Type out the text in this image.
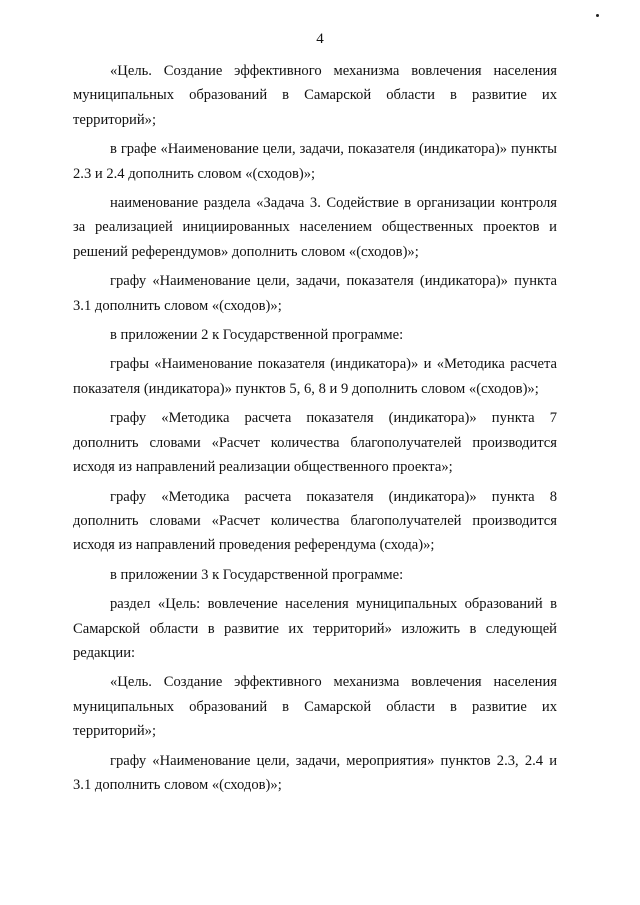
4

«Цель. Создание эффективного механизма вовлечения населения муниципальных образований в Самарской области в развитие их территорий»;

в графе «Наименование цели, задачи, показателя (индикатора)» пункты 2.3 и 2.4 дополнить словом «(сходов)»;

наименование раздела «Задача 3. Содействие в организации контроля за реализацией инициированных населением общественных проектов и решений референдумов» дополнить словом «(сходов)»;

графу «Наименование цели, задачи, показателя (индикатора)» пункта 3.1 дополнить словом «(сходов)»;

в приложении 2 к Государственной программе:

графы «Наименование показателя (индикатора)» и «Методика расчета показателя (индикатора)» пунктов 5, 6, 8 и 9 дополнить словом «(сходов)»;

графу «Методика расчета показателя (индикатора)» пункта 7 дополнить словами «Расчет количества благополучателей производится исходя из направлений реализации общественного проекта»;

графу «Методика расчета показателя (индикатора)» пункта 8 дополнить словами «Расчет количества благополучателей производится исходя из направлений проведения референдума (схода)»;

в приложении 3 к Государственной программе:

раздел «Цель: вовлечение населения муниципальных образований в Самарской области в развитие их территорий» изложить в следующей редакции:

«Цель. Создание эффективного механизма вовлечения населения муниципальных образований в Самарской области в развитие их территорий»;

графу «Наименование цели, задачи, мероприятия» пунктов 2.3, 2.4 и 3.1 дополнить словом «(сходов)»;
